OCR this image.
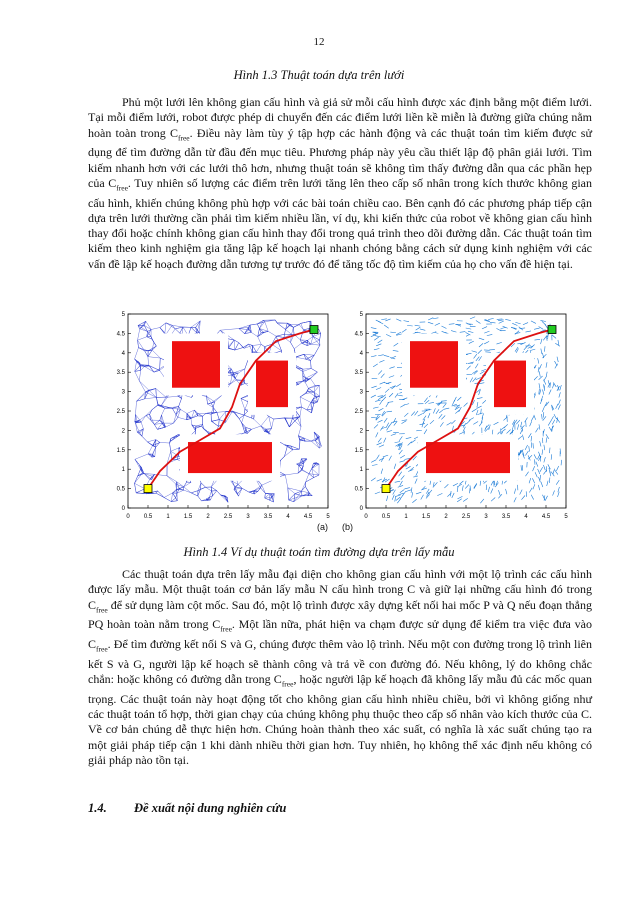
12
Hình 1.3 Thuật toán dựa trên lưới

Phủ một lưới lên không gian cấu hình và giả sử mỗi cấu hình được xác định bằng một điểm lưới. Tại mỗi điểm lưới, robot được phép di chuyển đến các điểm lưới liền kề miễn là đường giữa chúng nằm hoàn toàn trong $C_{free}$. Điều này làm tùy ý tập hợp các hành động và các thuật toán tìm kiếm được sử dụng để tìm đường dẫn từ đầu đến mục tiêu. Phương pháp này yêu cầu thiết lập độ phân giải lưới. Tìm kiếm nhanh hơn với các lưới thô hơn, nhưng thuật toán sẽ không tìm thấy đường dẫn qua các phần hẹp của $C_{free}$. Tuy nhiên số lượng các điểm trên lưới tăng lên theo cấp số nhân trong kích thước không gian cấu hình, khiến chúng không phù hợp với các bài toán chiều cao. Bên cạnh đó các phương pháp tiếp cận dựa trên lưới thường cần phải tìm kiếm nhiều lần, ví dụ, khi kiến thức của robot về không gian cấu hình thay đổi hoặc chính không gian cấu hình thay đổi trong quá trình theo dõi đường dẫn. Các thuật toán tìm kiếm theo kinh nghiệm gia tăng lập kế hoạch lại nhanh chóng bằng cách sử dụng kinh nghiệm với các vấn đề lập kế hoạch đường dẫn tương tự trước đó để tăng tốc độ tìm kiếm của họ cho vấn đề hiện tại.

0 0.5 1 1.5 2 2.5 3 3.5 4 4.5 5
0
0.5
1
1.5
2
2.5
3
3.5
4
4.5
5
0 0.5 1 1.5 2 2.5 3 3.5 4 4.5 5
0
0.5
1
1.5
2
2.5
3
3.5
4
4.5
5
(a) (b)
Hình 1.4 Ví dụ thuật toán tìm đường dựa trên lấy mẫu

Các thuật toán dựa trên lấy mẫu đại diện cho không gian cấu hình với một lộ trình các cấu hình được lấy mẫu. Một thuật toán cơ bản lấy mẫu N cấu hình trong C và giữ lại những cấu hình đó trong $C_{free}$ để sử dụng làm cột mốc. Sau đó, một lộ trình được xây dựng kết nối hai mốc P và Q nếu đoạn thẳng PQ hoàn toàn nằm trong $C_{free}$. Một lần nữa, phát hiện va chạm được sử dụng để kiểm tra việc đưa vào $C_{free}$. Để tìm đường kết nối S và G, chúng được thêm vào lộ trình. Nếu một con đường trong lộ trình liên kết S và G, người lập kế hoạch sẽ thành công và trả về con đường đó. Nếu không, lý do không chắc chắn: hoặc không có đường dẫn trong $C_{free}$, hoặc người lập kế hoạch đã không lấy mẫu đủ các mốc quan trọng. Các thuật toán này hoạt động tốt cho không gian cấu hình nhiều chiều, bởi vì không giống như các thuật toán tổ hợp, thời gian chạy của chúng không phụ thuộc theo cấp số nhân vào kích thước của C. Về cơ bản chúng dễ thực hiện hơn. Chúng hoàn thành theo xác suất, có nghĩa là xác suất chúng tạo ra một giải pháp tiếp cận 1 khi dành nhiều thời gian hơn. Tuy nhiên, họ không thể xác định nếu không có giải pháp nào tồn tại.

1.4. Đề xuất nội dung nghiên cứu
